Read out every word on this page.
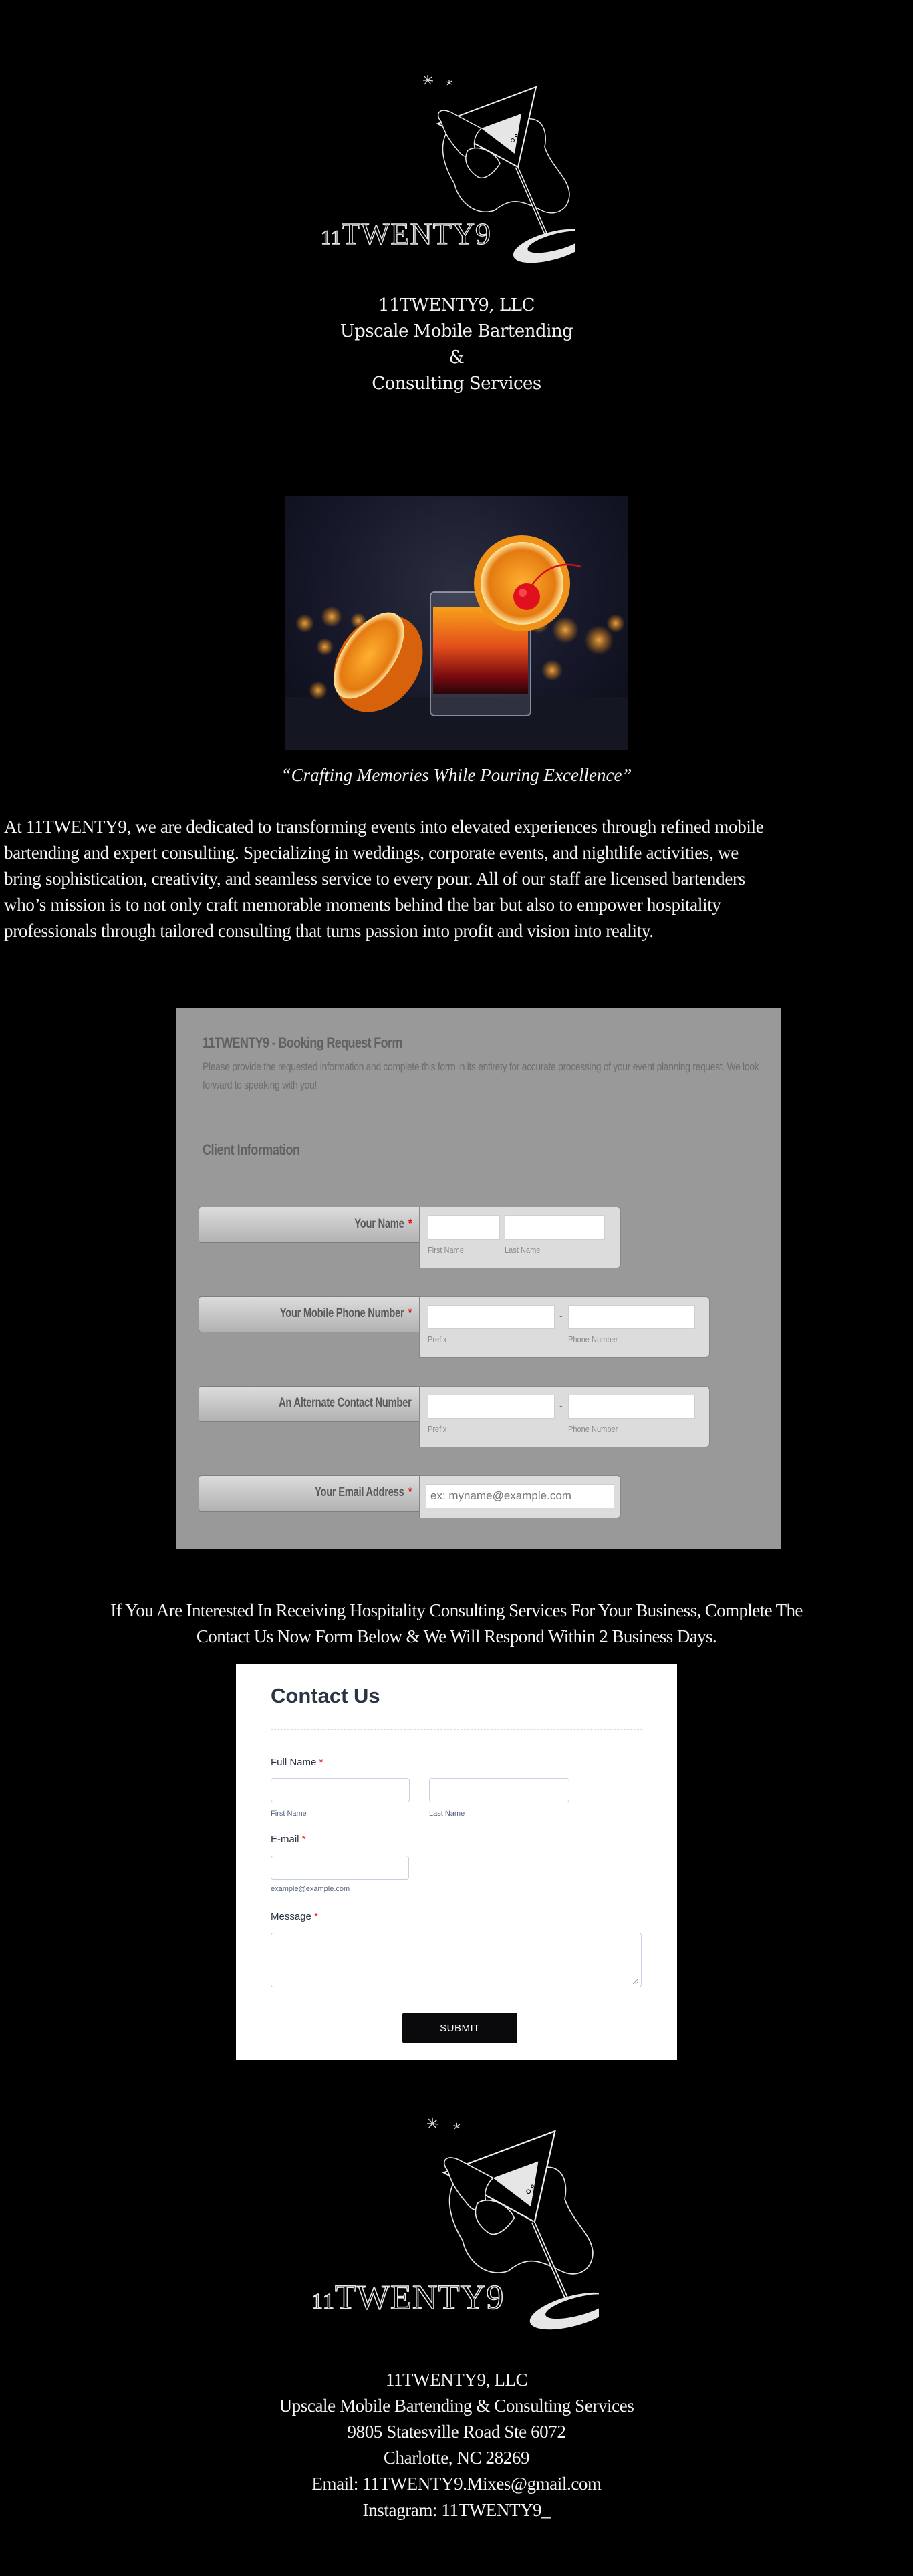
11TWENTY9
11TWENTY9, LLC
Upscale Mobile Bartending
&
Consulting Services
“Crafting Memories While Pouring Excellence”
At 11TWENTY9, we are dedicated to transforming events into elevated experiences through refined mobile
bartending and expert consulting. Specializing in weddings, corporate events, and nightlife activities, we
bring sophistication, creativity, and seamless service to every pour. All of our staff are licensed bartenders
who’s mission is to not only craft memorable moments behind the bar but also to empower hospitality
professionals through tailored consulting that turns passion into profit and vision into reality.
11TWENTY9 - Booking Request Form
Please provide the requested information and complete this form in its entirety for accurate processing of your event planning request. We look forward to speaking with you!
Client Information
Your Name *
First Name	Last Name
Your Mobile Phone Number *	-
Prefix	Phone Number
An Alternate Contact Number	-
Prefix	Phone Number
Your Email Address *
ex: myname@example.com
If You Are Interested In Receiving Hospitality Consulting Services For Your Business, Complete The
Contact Us Now Form Below & We Will Respond Within 2 Business Days.
Contact Us
Full Name *
First Name	Last Name
E-mail *
example@example.com
Message *
SUBMIT
11TWENTY9
11TWENTY9, LLC
Upscale Mobile Bartending & Consulting Services
9805 Statesville Road Ste 6072
Charlotte, NC 28269
Email: 11TWENTY9.Mixes@gmail.com
Instagram: 11TWENTY9_
